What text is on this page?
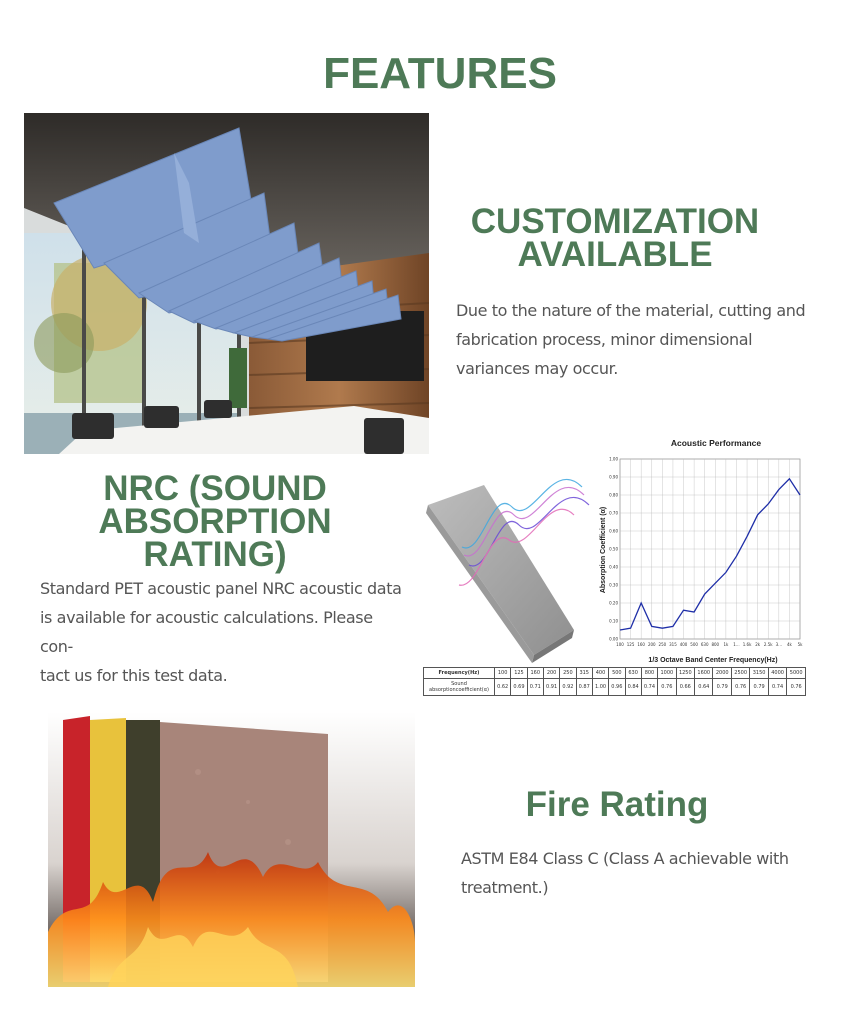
FEATURES
CUSTOMIZATION
AVAILABLE
Due to the nature of the material, cutting and
fabrication process, minor dimensional
variances may occur.
NRC (SOUND
ABSORPTION RATING)
Standard PET acoustic panel NRC acoustic data
is available for acoustic calculations. Please con-
tact us for this test data.
Acoustic Performance
0.00
0.10
0.20
0.30
0.40
0.50
0.60
0.70
0.80
0.90
1.00
100 125 160 200 250 315 400 500 630 800 1k 1... 1.6k 2k 2.5k 3... 4k 5k
Absorption Coefficient (α)
1/3 Octave Band Center Frequency(Hz)
Frequency(Hz)	100	125	160	200	250	315	400	500	630	800	1000	1250	1600	2000	2500	3150	4000	5000

Sound
absorptioncoefficient(α)	0.62	0.69	0.71	0.91	0.92	0.87	1.00	0.96	0.84	0.74	0.76	0.66	0.64	0.79	0.76	0.79	0.74	0.76
Fire Rating
ASTM E84 Class C (Class A achievable with
treatment.)
